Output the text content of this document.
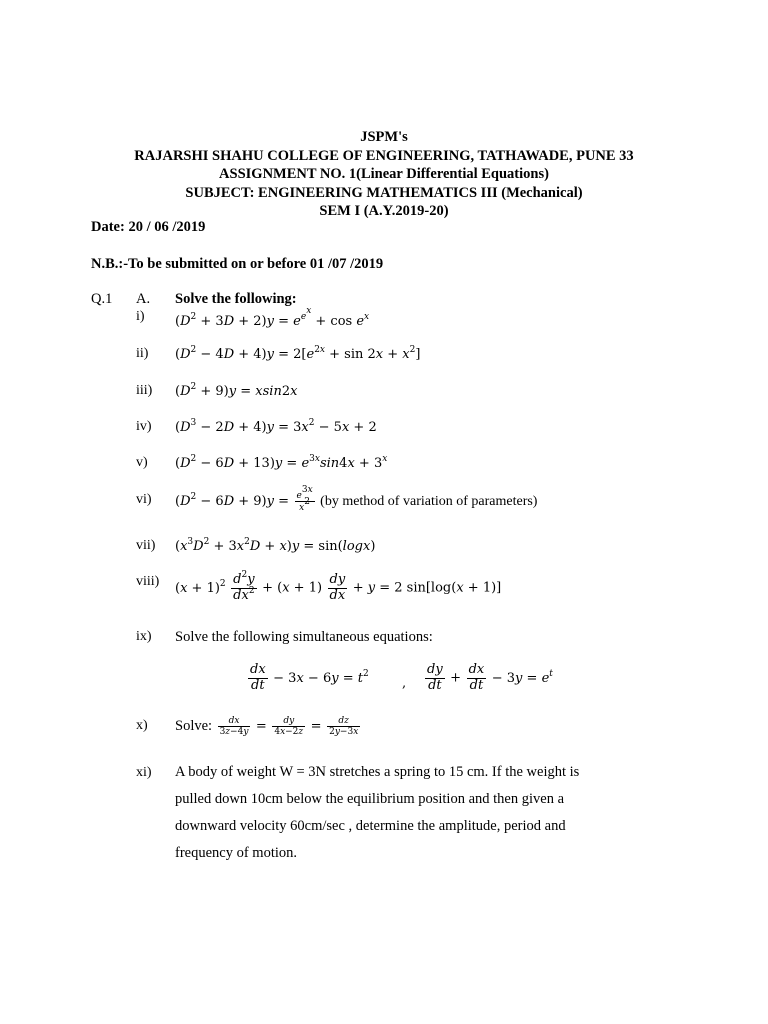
JSPM's
RAJARSHI SHAHU COLLEGE OF ENGINEERING, TATHAWADE, PUNE 33
ASSIGNMENT NO. 1(Linear Differential Equations)
SUBJECT: ENGINEERING MATHEMATICS III (Mechanical)
SEM I (A.Y.2019-20)
Date: 20 / 06 /2019
N.B.:-To be submitted on or before 01 /07 /2019
Q.1 A. Solve the following:
i) $(D^2 + 3D + 2)y = e^{e^x} + \cos e^x$
ii) $(D^2 - 4D + 4)y = 2[e^{2x} + \sin 2x + x^2]$
iii) $(D^2 + 9)y = xsin2x$
iv) $(D^3 - 2D + 4)y = 3x^2 - 5x + 2$
v) $(D^2 - 6D + 13)y = e^{3x}\sin 4x + 3^x$
vi) $(D^2 - 6D + 9)y = \frac{e^{3x}}{x^2} (by$ method of variation of parameters)
vii) $(x^3D^2 + 3x^2D + x)y = \sin(\log x)$
viii) $(x + 1)^2 \frac{d^2y}{dx^2} + (x + 1) \frac{dy}{dx} + y = 2$ sin[log(x + 1)]
ix) Solve the following simultaneous equations:
$\frac{dx}{dt} - 3x - 6y = t^2$
, $\frac{dy}{dt} + \frac{dx}{dt} - 3y = e^t$
x) Solve: $\frac{dx}{3z-4y} = \frac{dy}{4x-2z} = \frac{dz}{2y-3x}$
xi) A body of weight W = 3N stretches a spring to 15 cm. If the weight is pulled down 10cm below the equilibrium position and then given a downward velocity 60cm/sec , determine the amplitude, period and frequency of motion.
